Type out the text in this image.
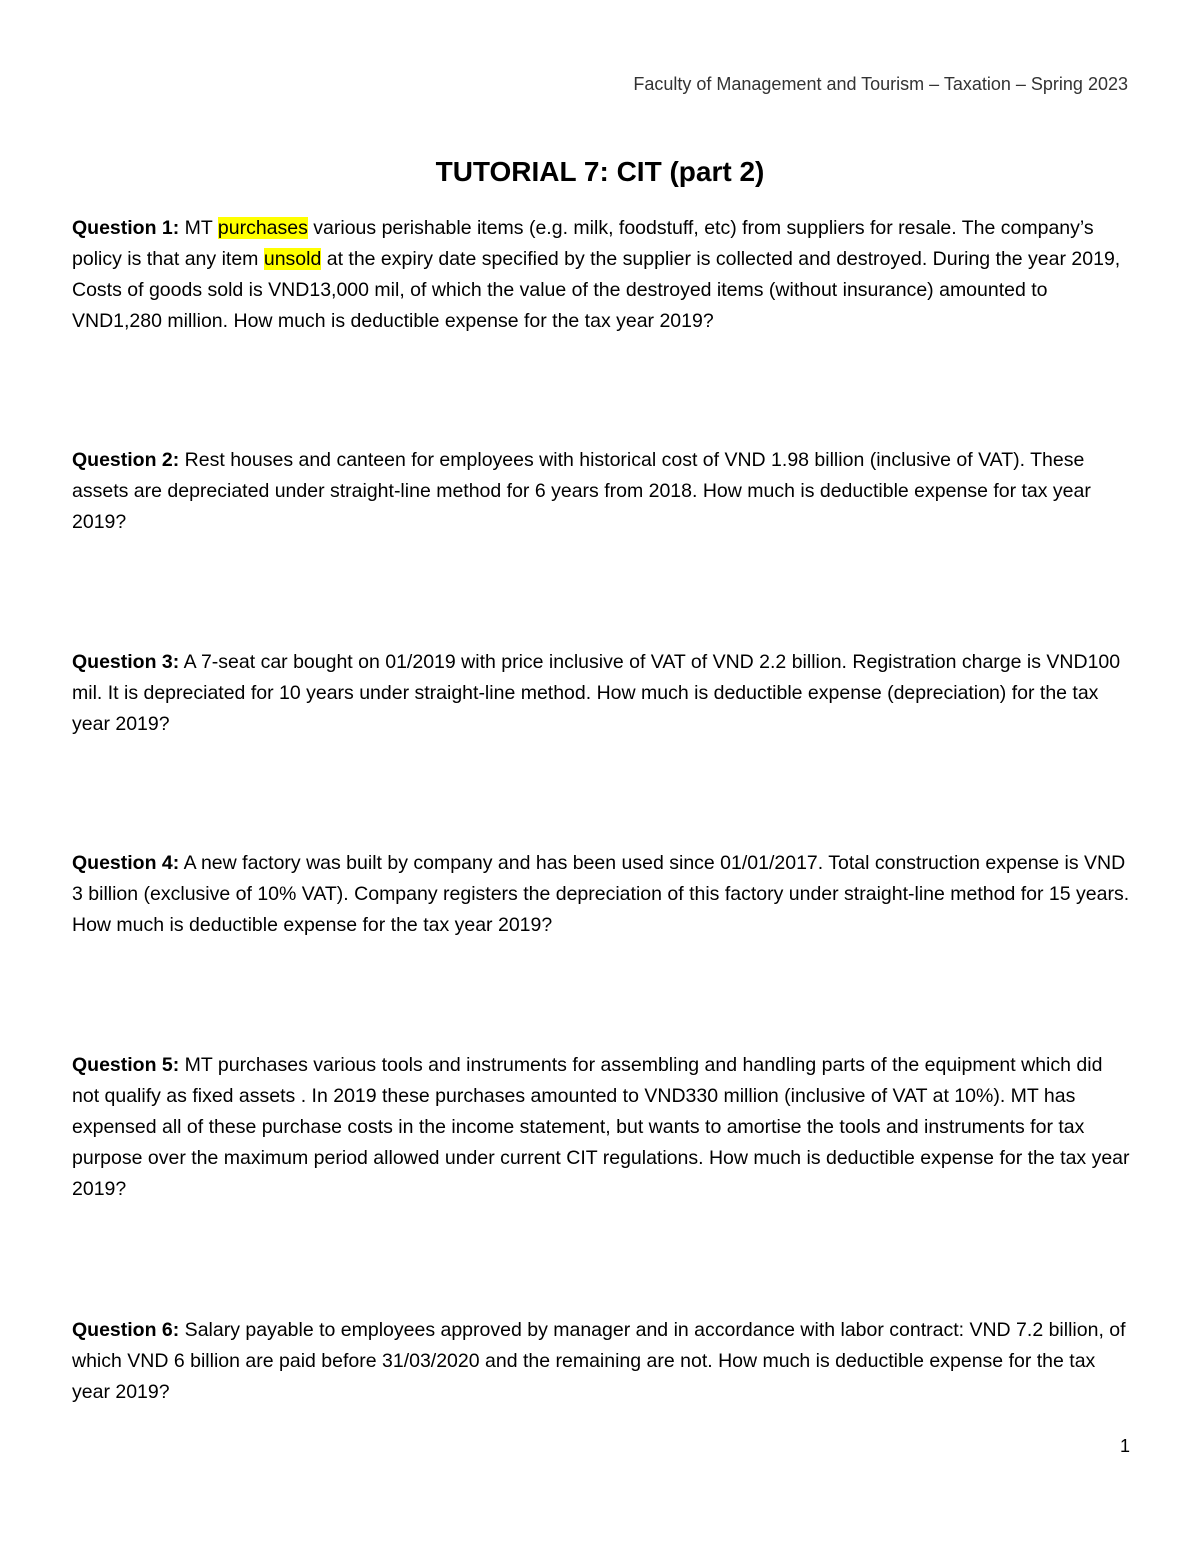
Faculty of Management and Tourism – Taxation – Spring 2023
TUTORIAL 7: CIT (part 2)
Question 1: MT purchases various perishable items (e.g. milk, foodstuff, etc) from suppliers for resale. The company’s policy is that any item unsold at the expiry date specified by the supplier is collected and destroyed. During the year 2019, Costs of goods sold is VND13,000 mil, of which the value of the destroyed items (without insurance) amounted to VND1,280 million. How much is deductible expense for the tax year 2019?
Question 2: Rest houses and canteen for employees with historical cost of VND 1.98 billion (inclusive of VAT). These assets are depreciated under straight-line method for 6 years from 2018. How much is deductible expense for tax year 2019?
Question 3: A 7-seat car bought on 01/2019 with price inclusive of VAT of VND 2.2 billion. Registration charge is VND100 mil. It is depreciated for 10 years under straight-line method. How much is deductible expense (depreciation) for the tax year 2019?
Question 4: A new factory was built by company and has been used since 01/01/2017. Total construction expense is VND 3 billion (exclusive of 10% VAT). Company registers the depreciation of this factory under straight-line method for 15 years. How much is deductible expense for the tax year 2019?
Question 5: MT purchases various tools and instruments for assembling and handling parts of the equipment which did not qualify as fixed assets . In 2019 these purchases amounted to VND330 million (inclusive of VAT at 10%). MT has expensed all of these purchase costs in the income statement, but wants to amortise the tools and instruments for tax purpose over the maximum period allowed under current CIT regulations. How much is deductible expense for the tax year 2019?
Question 6: Salary payable to employees approved by manager and in accordance with labor contract: VND 7.2 billion, of which VND 6 billion are paid before 31/03/2020 and the remaining are not. How much is deductible expense for the tax year 2019?
1
